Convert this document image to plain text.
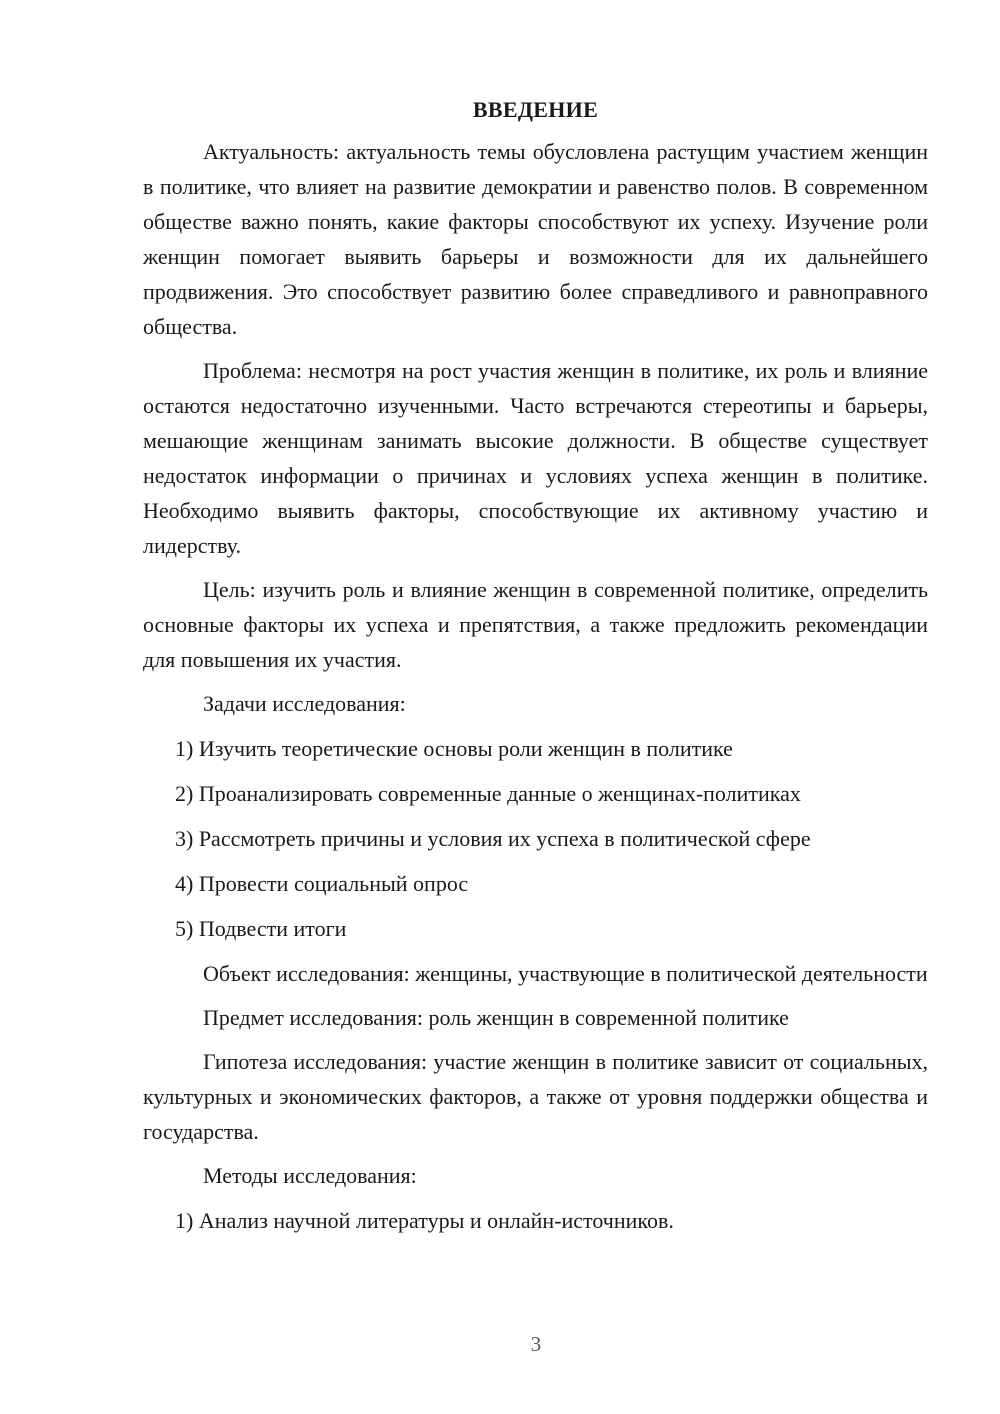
ВВЕДЕНИЕ

Актуальность: актуальность темы обусловлена растущим участием женщин в политике, что влияет на развитие демократии и равенство полов. В современном обществе важно понять, какие факторы способствуют их успеху. Изучение роли женщин помогает выявить барьеры и возможности для их дальнейшего продвижения. Это способствует развитию более справедливого и равноправного общества.

Проблема: несмотря на рост участия женщин в политике, их роль и влияние остаются недостаточно изученными. Часто встречаются стереотипы и барьеры, мешающие женщинам занимать высокие должности. В обществе существует недостаток информации о причинах и условиях успеха женщин в политике. Необходимо выявить факторы, способствующие их активному участию и лидерству.

Цель: изучить роль и влияние женщин в современной политике, определить основные факторы их успеха и препятствия, а также предложить рекомендации для повышения их участия.

Задачи исследования:
1) Изучить теоретические основы роли женщин в политике
2) Проанализировать современные данные о женщинах-политиках
3) Рассмотреть причины и условия их успеха в политической сфере
4) Провести социальный опрос
5) Подвести итоги

Объект исследования: женщины, участвующие в политической деятельности

Предмет исследования: роль женщин в современной политике

Гипотеза исследования: участие женщин в политике зависит от социальных, культурных и экономических факторов, а также от уровня поддержки общества и государства.

Методы исследования:
1) Анализ научной литературы и онлайн-источников.
3
